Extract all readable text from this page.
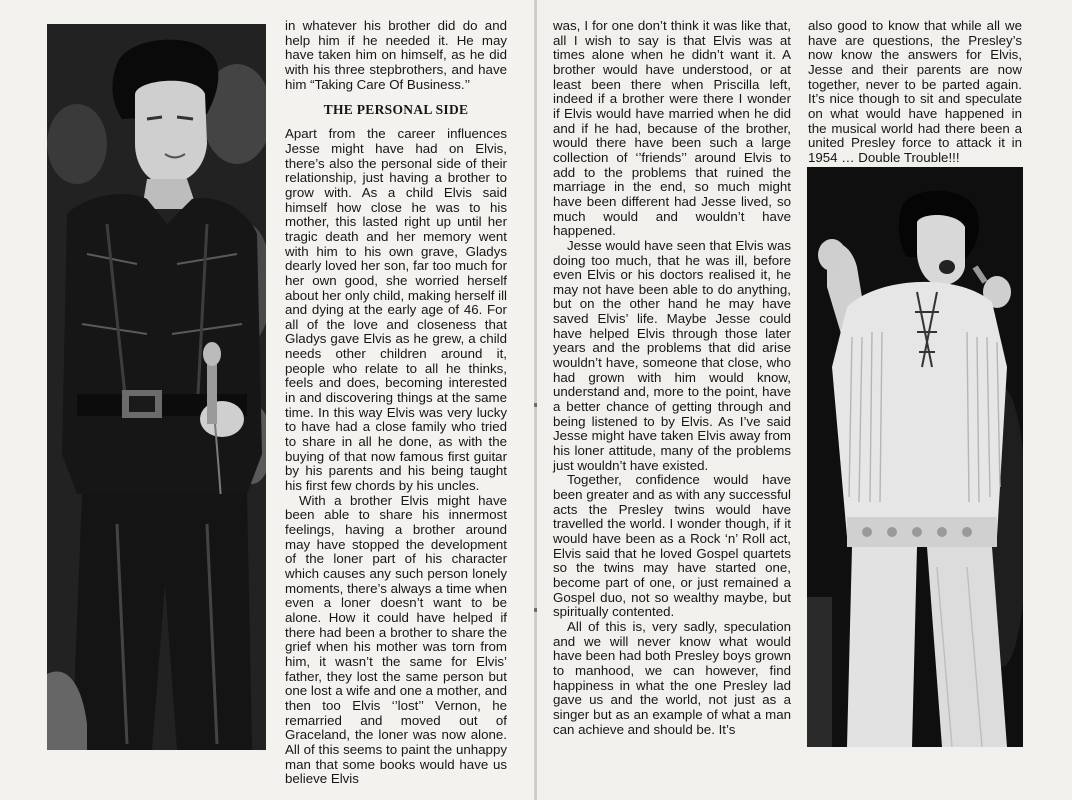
in whatever his brother did do and help him if he needed it. He may have taken him on himself, as he did with his three stepbrothers, and have him “Taking Care Of Business.’’

THE PERSONAL SIDE

Apart from the career influences Jesse might have had on Elvis, there’s also the personal side of their relationship, just having a brother to grow with. As a child Elvis said himself how close he was to his mother, this lasted right up until her tragic death and her memory went with him to his own grave, Gladys dearly loved her son, far too much for her own good, she worried herself about her only child, making herself ill and dying at the early age of 46. For all of the love and closeness that Gladys gave Elvis as he grew, a child needs other children around it, people who relate to all he thinks, feels and does, becoming interested in and discovering things at the same time. In this way Elvis was very lucky to have had a close family who tried to share in all he done, as with the buying of that now famous first guitar by his parents and his being taught his first few chords by his uncles.

With a brother Elvis might have been able to share his innermost feelings, having a brother around may have stopped the development of the loner part of his character which causes any such person lonely moments, there’s always a time when even a loner doesn’t want to be alone. How it could have helped if there had been a brother to share the grief when his mother was torn from him, it wasn’t the same for Elvis’ father, they lost the same person but one lost a wife and one a mother, and then too Elvis ‘’lost’’ Vernon, he remarried and moved out of Graceland, the loner was now alone. All of this seems to paint the unhappy man that some books would have us believe Elvis

was, I for one don’t think it was like that, all I wish to say is that Elvis was at times alone when he didn’t want it. A brother would have understood, or at least been there when Priscilla left, indeed if a brother were there I wonder if Elvis would have married when he did and if he had, because of the brother, would there have been such a large collection of ‘’friends’’ around Elvis to add to the problems that ruined the marriage in the end, so much might have been different had Jesse lived, so much would and wouldn’t have happened.

Jesse would have seen that Elvis was doing too much, that he was ill, before even Elvis or his doctors realised it, he may not have been able to do anything, but on the other hand he may have saved Elvis’ life. Maybe Jesse could have helped Elvis through those later years and the problems that did arise wouldn’t have, someone that close, who had grown with him would know, understand and, more to the point, have a better chance of getting through and being listened to by Elvis. As I’ve said Jesse might have taken Elvis away from his loner attitude, many of the problems just wouldn’t have existed.

Together, confidence would have been greater and as with any successful acts the Presley twins would have travelled the world. I wonder though, if it would have been as a Rock ‘n’ Roll act, Elvis said that he loved Gospel quartets so the twins may have started one, become part of one, or just remained a Gospel duo, not so wealthy maybe, but spiritually contented.

All of this is, very sadly, speculation and we will never know what would have been had both Presley boys grown to manhood, we can however, find happiness in what the one Presley lad gave us and the world, not just as a singer but as an example of what a man can achieve and should be. It’s

also good to know that while all we have are questions, the Presley’s now know the answers for Elvis, Jesse and their parents are now together, never to be parted again. It’s nice though to sit and speculate on what would have happened in the musical world had there been a united Presley force to attack it in 1954 … Double Trouble!!!
